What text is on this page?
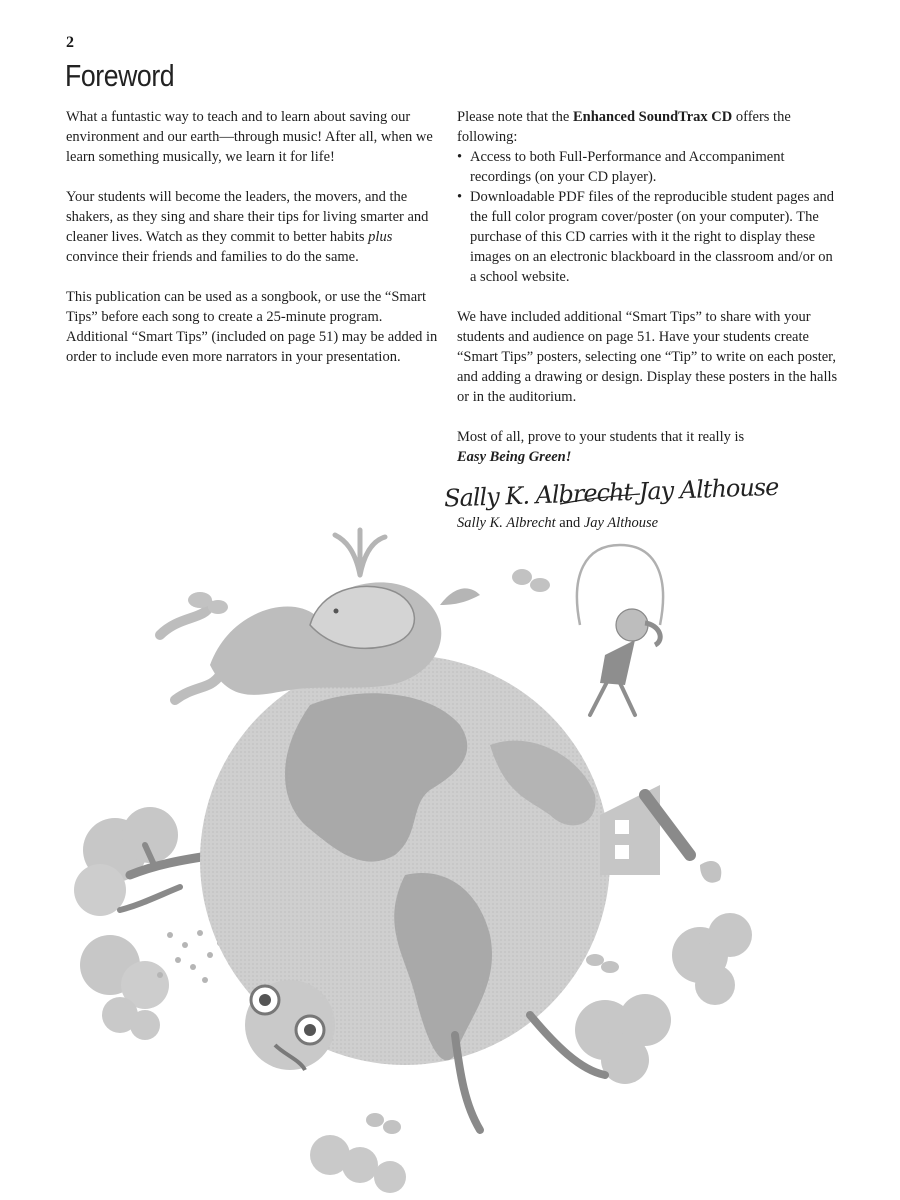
2
Foreword

What a funtastic way to teach and to learn about saving our environment and our earth—through music! After all, when we learn something musically, we learn it for life!

Your students will become the leaders, the movers, and the shakers, as they sing and share their tips for living smarter and cleaner lives. Watch as they commit to better habits plus convince their friends and families to do the same.

This publication can be used as a songbook, or use the “Smart Tips” before each song to create a 25-minute program. Additional “Smart Tips” (included on page 51) may be added in order to include even more narrators in your presentation.

Please note that the Enhanced SoundTrax CD offers the following:

• Access to both Full-Performance and Accompaniment recordings (on your CD player).
• Downloadable PDF files of the reproducible student pages and the full color program cover/poster (on your computer). The purchase of this CD carries with it the right to display these images on an electronic blackboard in the classroom and/or on a school website.

We have included additional “Smart Tips” to share with your students and audience on page 51. Have your students create “Smart Tips” posters, selecting one “Tip” to write on each poster, and adding a drawing or design. Display these posters in the halls or in the auditorium.

Most of all, prove to your students that it really is
Easy Being Green!

Sally K. Albrecht Jay Althouse
Sally K. Albrecht and Jay Althouse
